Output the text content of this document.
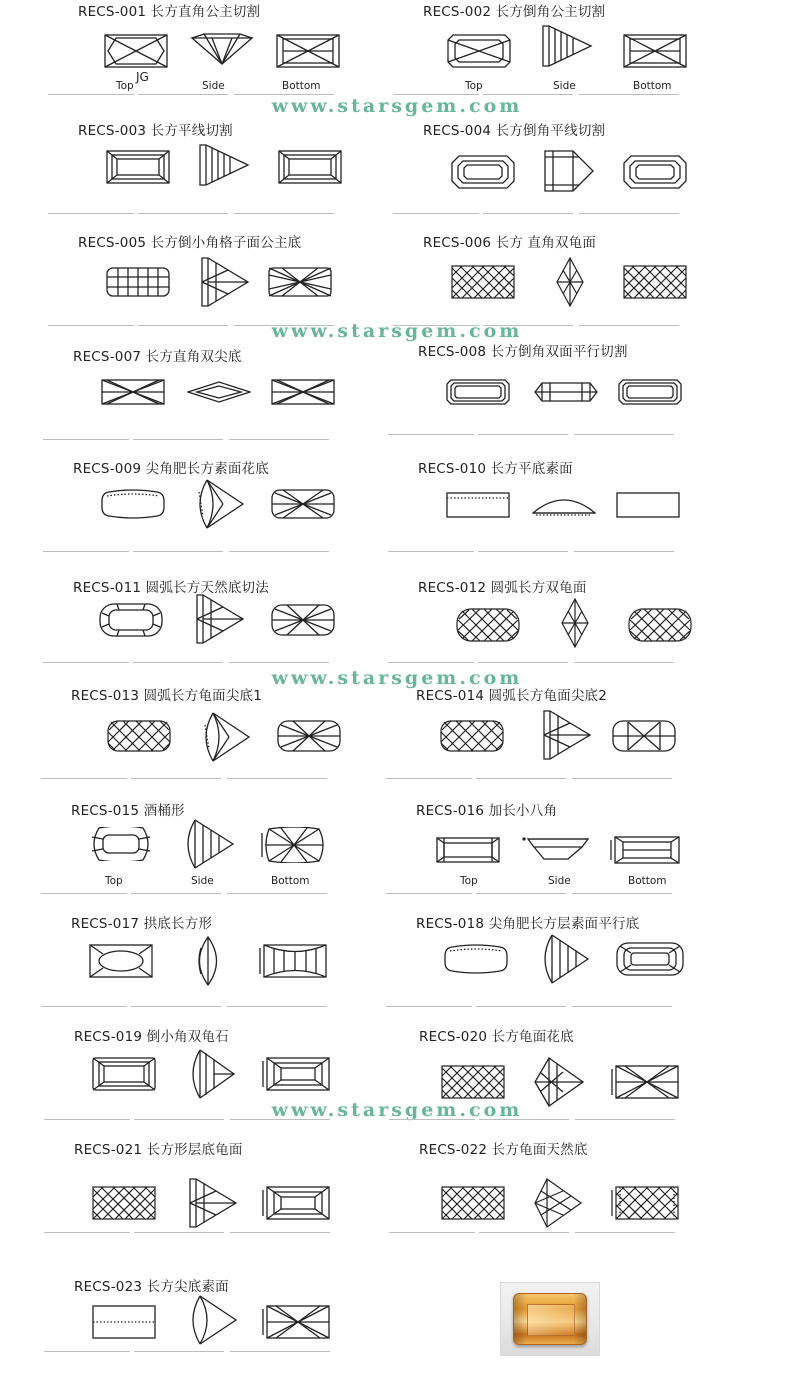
www.starsgem.com
www.starsgem.com
www.starsgem.com
www.starsgem.com
RECS-001 长方直角公主切割
JG
Top	Side	Bottom
RECS-002 长方倒角公主切割
Top	Side	Bottom
RECS-003 长方平线切割	RECS-004 长方倒角平线切割
RECS-005 长方倒小角格子面公主底	RECS-006 长方 直角双龟面
RECS-007 长方直角双尖底	RECS-008 长方倒角双面平行切割
RECS-009 尖角肥长方素面花底	RECS-010 长方平底素面
RECS-011 圆弧长方天然底切法	RECS-012 圆弧长方双龟面
RECS-013 圆弧长方龟面尖底1	RECS-014 圆弧长方龟面尖底2
RECS-015 酒桶形
Top	Side	Bottom
RECS-016 加长小八角
Top	Side	Bottom
RECS-017 拱底长方形	RECS-018 尖角肥长方层素面平行底
RECS-019 倒小角双龟石	RECS-020 长方龟面花底
RECS-021 长方形层底龟面	RECS-022 长方龟面天然底
RECS-023 长方尖底素面
